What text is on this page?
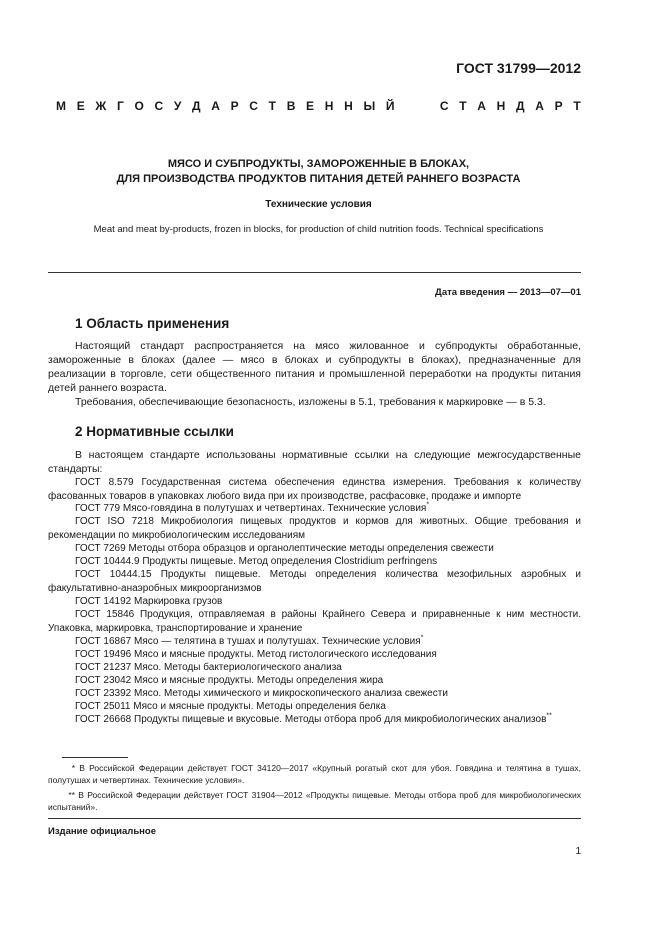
ГОСТ 31799—2012
М Е Ж Г О С У Д А Р С Т В Е Н Н Ы Й	С Т А Н Д А Р Т
МЯСО И СУБПРОДУКТЫ, ЗАМОРОЖЕННЫЕ В БЛОКАХ,
ДЛЯ ПРОИЗВОДСТВА ПРОДУКТОВ ПИТАНИЯ ДЕТЕЙ РАННЕГО ВОЗРАСТА
Технические условия
Meat and meat by-products, frozen in blocks, for production of child nutrition foods. Technical specifications
Дата введения — 2013—07—01
1 Область применения

Настоящий стандарт распространяется на мясо жилованное и субпродукты обработанные, замороженные в блоках (далее — мясо в блоках и субпродукты в блоках), предназначенные для реализации в торговле, сети общественного питания и промышленной переработки на продукты питания детей раннего возраста.

Требования, обеспечивающие безопасность, изложены в 5.1, требования к маркировке — в 5.3.

2 Нормативные ссылки

В настоящем стандарте использованы нормативные ссылки на следующие межгосударственные стандарты:

ГОСТ 8.579 Государственная система обеспечения единства измерения. Требования к количеству фасованных товаров в упаковках любого вида при их производстве, расфасовке, продаже и импорте

ГОСТ 779 Мясо-говядина в полутушах и четвертинах. Технические условия*

ГОСТ ISO 7218 Микробиология пищевых продуктов и кормов для животных. Общие требования и рекомендации по микробиологическим исследованиям

ГОСТ 7269 Методы отбора образцов и органолептические методы определения свежести

ГОСТ 10444.9 Продукты пищевые. Метод определения Clostridium perfringens

ГОСТ 10444.15 Продукты пищевые. Методы определения количества мезофильных аэробных и факультативно-анаэробных микроорганизмов

ГОСТ 14192 Маркировка грузов

ГОСТ 15846 Продукция, отправляемая в районы Крайнего Севера и приравненные к ним местности. Упаковка, маркировка, транспортирование и хранение

ГОСТ 16867 Мясо — телятина в тушах и полутушах. Технические условия*

ГОСТ 19496 Мясо и мясные продукты. Метод гистологического исследования

ГОСТ 21237 Мясо. Методы бактериологического анализа

ГОСТ 23042 Мясо и мясные продукты. Методы определения жира

ГОСТ 23392 Мясо. Методы химического и микроскопического анализа свежести

ГОСТ 25011 Мясо и мясные продукты. Методы определения белка

ГОСТ 26668 Продукты пищевые и вкусовые. Методы отбора проб для микробиологических анализов**

* В Российской Федерации действует ГОСТ 34120—2017 «Крупный рогатый скот для убоя. Говядина и телятина в тушах, полутушах и четвертинах. Технические условия».

** В Российской Федерации действует ГОСТ 31904—2012 «Продукты пищевые. Методы отбора проб для микробиологических испытаний».

Издание официальное
1
